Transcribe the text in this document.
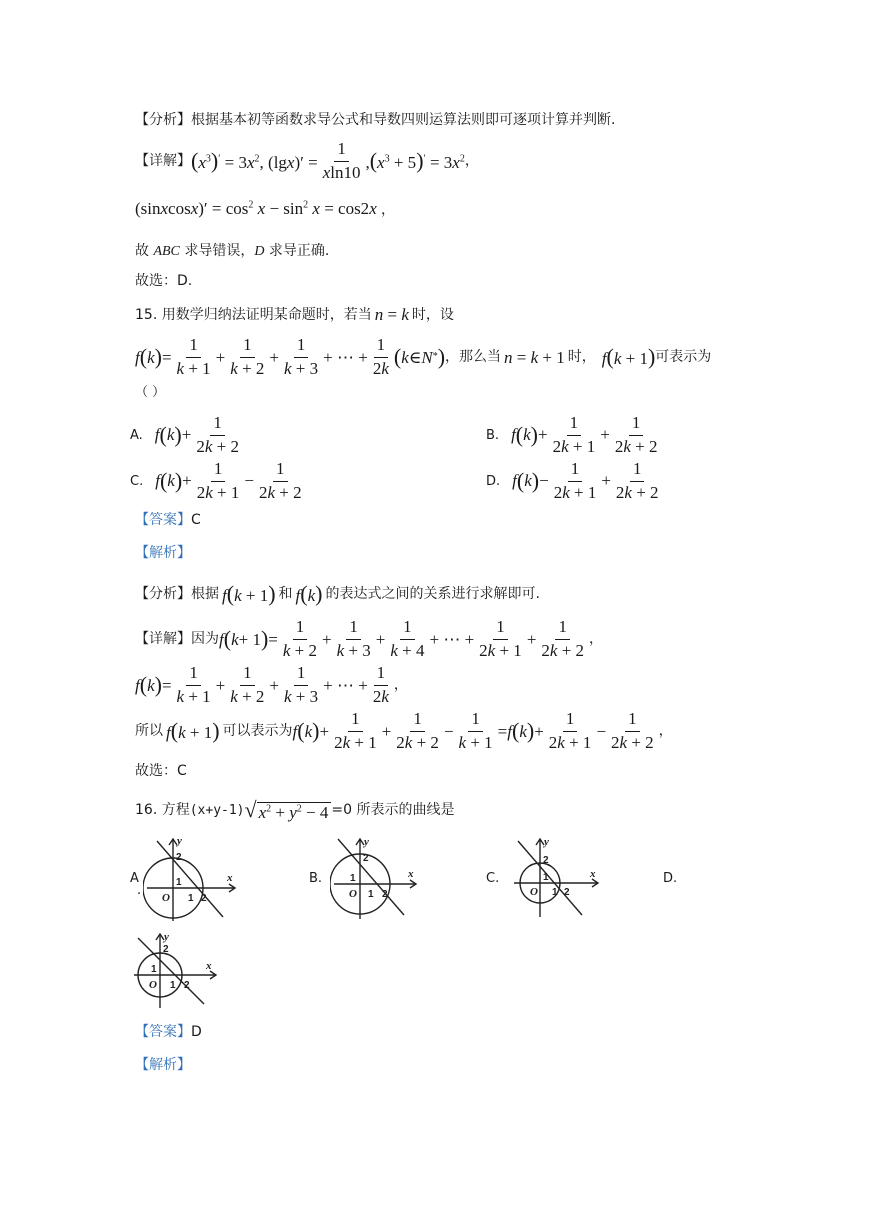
【分析】根据基本初等函数求导公式和导数四则运算法则即可逐项计算并判断.
【详解】 $(x^3)' = 3x^2$, $(\lg x)' = \frac{1}{xln10} ,(x^3 + 5)' = 3x^2$ ，
(sinxcosx)′ = $\cos^2 x - \sin^2 x = \cos 2x$ ，
故 ABC 求导错误，D 求导正确.
故选：D.
15. 用数学归纳法证明某命题时，若当 n = k 时，设
f ( k ) = $\frac{1}{k + 1} + \frac{1}{k + 2} + \frac{1}{k + 3}$ + ⋯ + $\frac{1}{2k}$ ( k ∈ N * ) ，那么当 n = k + 1 时， f(k + 1) 可表示为
（ ）
A. f ( k ) + $\frac{1}{2k + 2}$	B. f ( k ) + $\frac{1}{2k + 1} + \frac{1}{2k + 2}$
C. f ( k ) + $\frac{1}{2k + 1} - \frac{1}{2k + 2}$	D. f ( k ) − $\frac{1}{2k + 1} + \frac{1}{2k + 2}$
【答案】C
【解析】
【分析】 根据 f(k + 1) 和 f(k) 的表达式之间的关系进行求解即可.
【详解】 因为 f ( k + 1 ) = $\frac{1}{k + 2} + \frac{1}{k + 3} + \frac{1}{k + 4}$ + ⋯ + $\frac{1}{2k + 1} + \frac{1}{2k + 2}$ ，
f ( k ) = $\frac{1}{k + 1} + \frac{1}{k + 2} + \frac{1}{k + 3}$ + ⋯ + $\frac{1}{2k}$ ，
所以 f(k + 1) 可以表示为 f ( k ) + $\frac{1}{2k + 1} + \frac{1}{2k + 2} - \frac{1}{k + 1} = f$ ( k ) + $\frac{1}{2k + 1} - \frac{1}{2k + 2}$ ，
故选：C
16. 方程 (x+y-1) √ $x^2 + y^2 - 4 =0$ 所表示的曲线是
A
.
B.	C.	D.
y
x
O
2
1
1 2
y
x
O
2
1
1 2
y
x
O
2
1
1 2
y
x
O
2
1
1 2
【答案】D
【解析】
